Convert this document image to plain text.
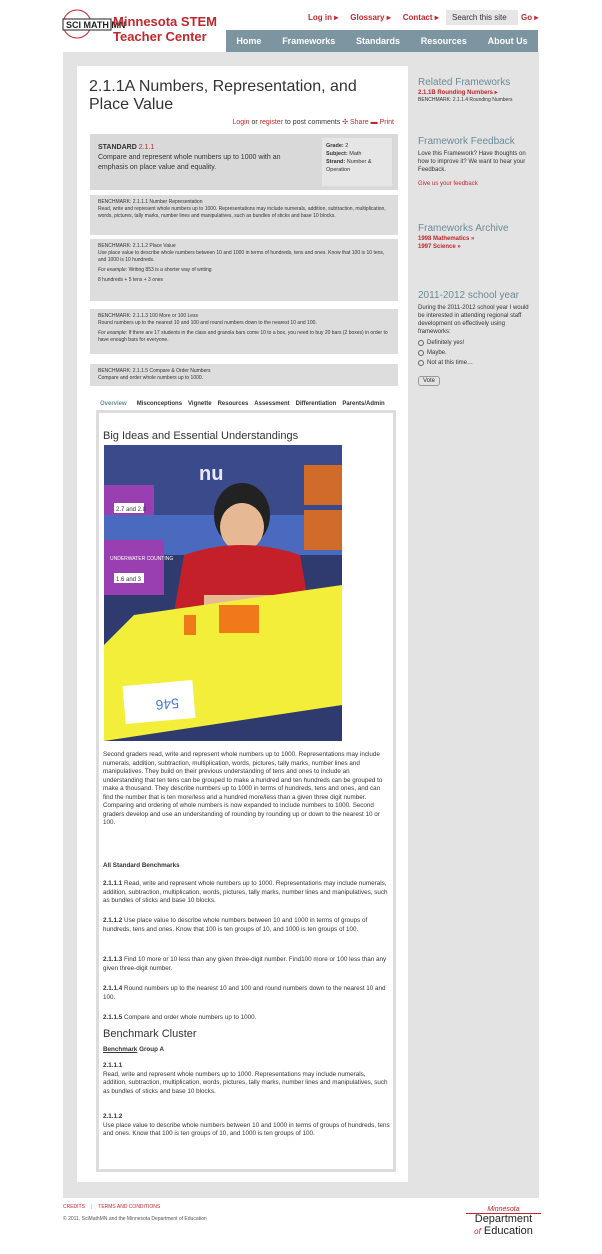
SCI MATH MN
Minnesota STEM
Teacher Center
Log in ▸ Glossary ▸ Contact ▸	Search this site	Go ▸
Home Frameworks Standards Resources About Us
2.1.1A Numbers, Representation, and Place Value
Login or register to post comments ✣ Share ▬ Print
STANDARD 2.1.1
Compare and represent whole numbers up to 1000 with an emphasis on place value and equality.
Grade: 2
Subject: Math
Strand: Number & Operation
BENCHMARK: 2.1.1.1 Number Representation
Read, write and represent whole numbers up to 1000. Representations may include numerals, addition, subtraction, multiplication, words, pictures, tally marks, number lines and manipulatives, such as bundles of sticks and base 10 blocks.
BENCHMARK: 2.1.1.2 Place Value
Use place value to describe whole numbers between 10 and 1000 in terms of hundreds, tens and ones. Know that 100 is 10 tens, and 1000 is 10 hundreds.
For example: Writing 853 is a shorter way of writing
8 hundreds + 5 tens + 3 ones
BENCHMARK: 2.1.1.3 100 More or 100 Less
Round numbers up to the nearest 10 and 100 and round numbers down to the nearest 10 and 100.
For example: If there are 17 students in the class and granola bars come 10 to a box, you need to buy 20 bars (2 boxes) in order to have enough bars for everyone.
BENCHMARK: 2.1.1.5 Compare & Order Numbers
Compare and order whole numbers up to 1000.
Overview	Misconceptions Vignette Resources Assessment Differentiation Parents/Admin
Big Ideas and Essential Understandings
nu
2.7 and 2.8
UNDERWATER COUNTING
1.6 and 3
546
Second graders read, write and represent whole numbers up to 1000. Representations may include numerals, addition, subtraction, multiplication, words, pictures, tally marks, number lines and manipulatives. They build on their previous understanding of tens and ones to include an understanding that ten tens can be grouped to make a hundred and ten hundreds can be grouped to make a thousand. They describe numbers up to 1000 in terms of hundreds, tens and ones, and can find the number that is ten more/less and a hundred more/less than a given three digit number. Comparing and ordering of whole numbers is now expanded to include numbers to 1000. Second graders develop and use an understanding of rounding by rounding up or down to the nearest 10 or 100.
All Standard Benchmarks
2.1.1.1 Read, write and represent whole numbers up to 1000. Representations may include numerals, addition, subtraction, multiplication, words, pictures, tally marks, number lines and manipulatives, such as bundles of sticks and base 10 blocks.
2.1.1.2 Use place value to describe whole numbers between 10 and 1000 in terms of groups of hundreds, tens and ones. Know that 100 is ten groups of 10, and 1000 is ten groups of 100.
2.1.1.3 Find 10 more or 10 less than any given three-digit number. Find100 more or 100 less than any given three-digit number.
2.1.1.4 Round numbers up to the nearest 10 and 100 and round numbers down to the nearest 10 and 100.
2.1.1.5 Compare and order whole numbers up to 1000.
Benchmark Cluster
Benchmark Group A
2.1.1.1
Read, write and represent whole numbers up to 1000. Representations may include numerals, addition, subtraction, multiplication, words, pictures, tally marks, number lines and manipulatives, such as bundles of sticks and base 10 blocks.
2.1.1.2
Use place value to describe whole numbers between 10 and 1000 in terms of groups of hundreds, tens and ones. Know that 100 is ten groups of 10, and 1000 is ten groups of 100.
Related Frameworks
2.1.1B Rounding Numbers ▸
BENCHMARK: 2.1.1.4 Rounding Numbers
Framework Feedback
Love this Framework? Have thoughts on how to improve it? We want to hear your Feedback.
Give us your feedback
Frameworks Archive
1998 Mathematics »
1997 Science »
2011-2012 school year
During the 2011-2012 school year I would be interested in attending regional staff development on effectively using frameworks:
Definitely yes!
Maybe.
Not at this time…
Vote
CREDITS | TERMS AND CONDITIONS
© 2011. SciMathMN and the Minnesota Department of Education
Minnesota
Department
of Education
